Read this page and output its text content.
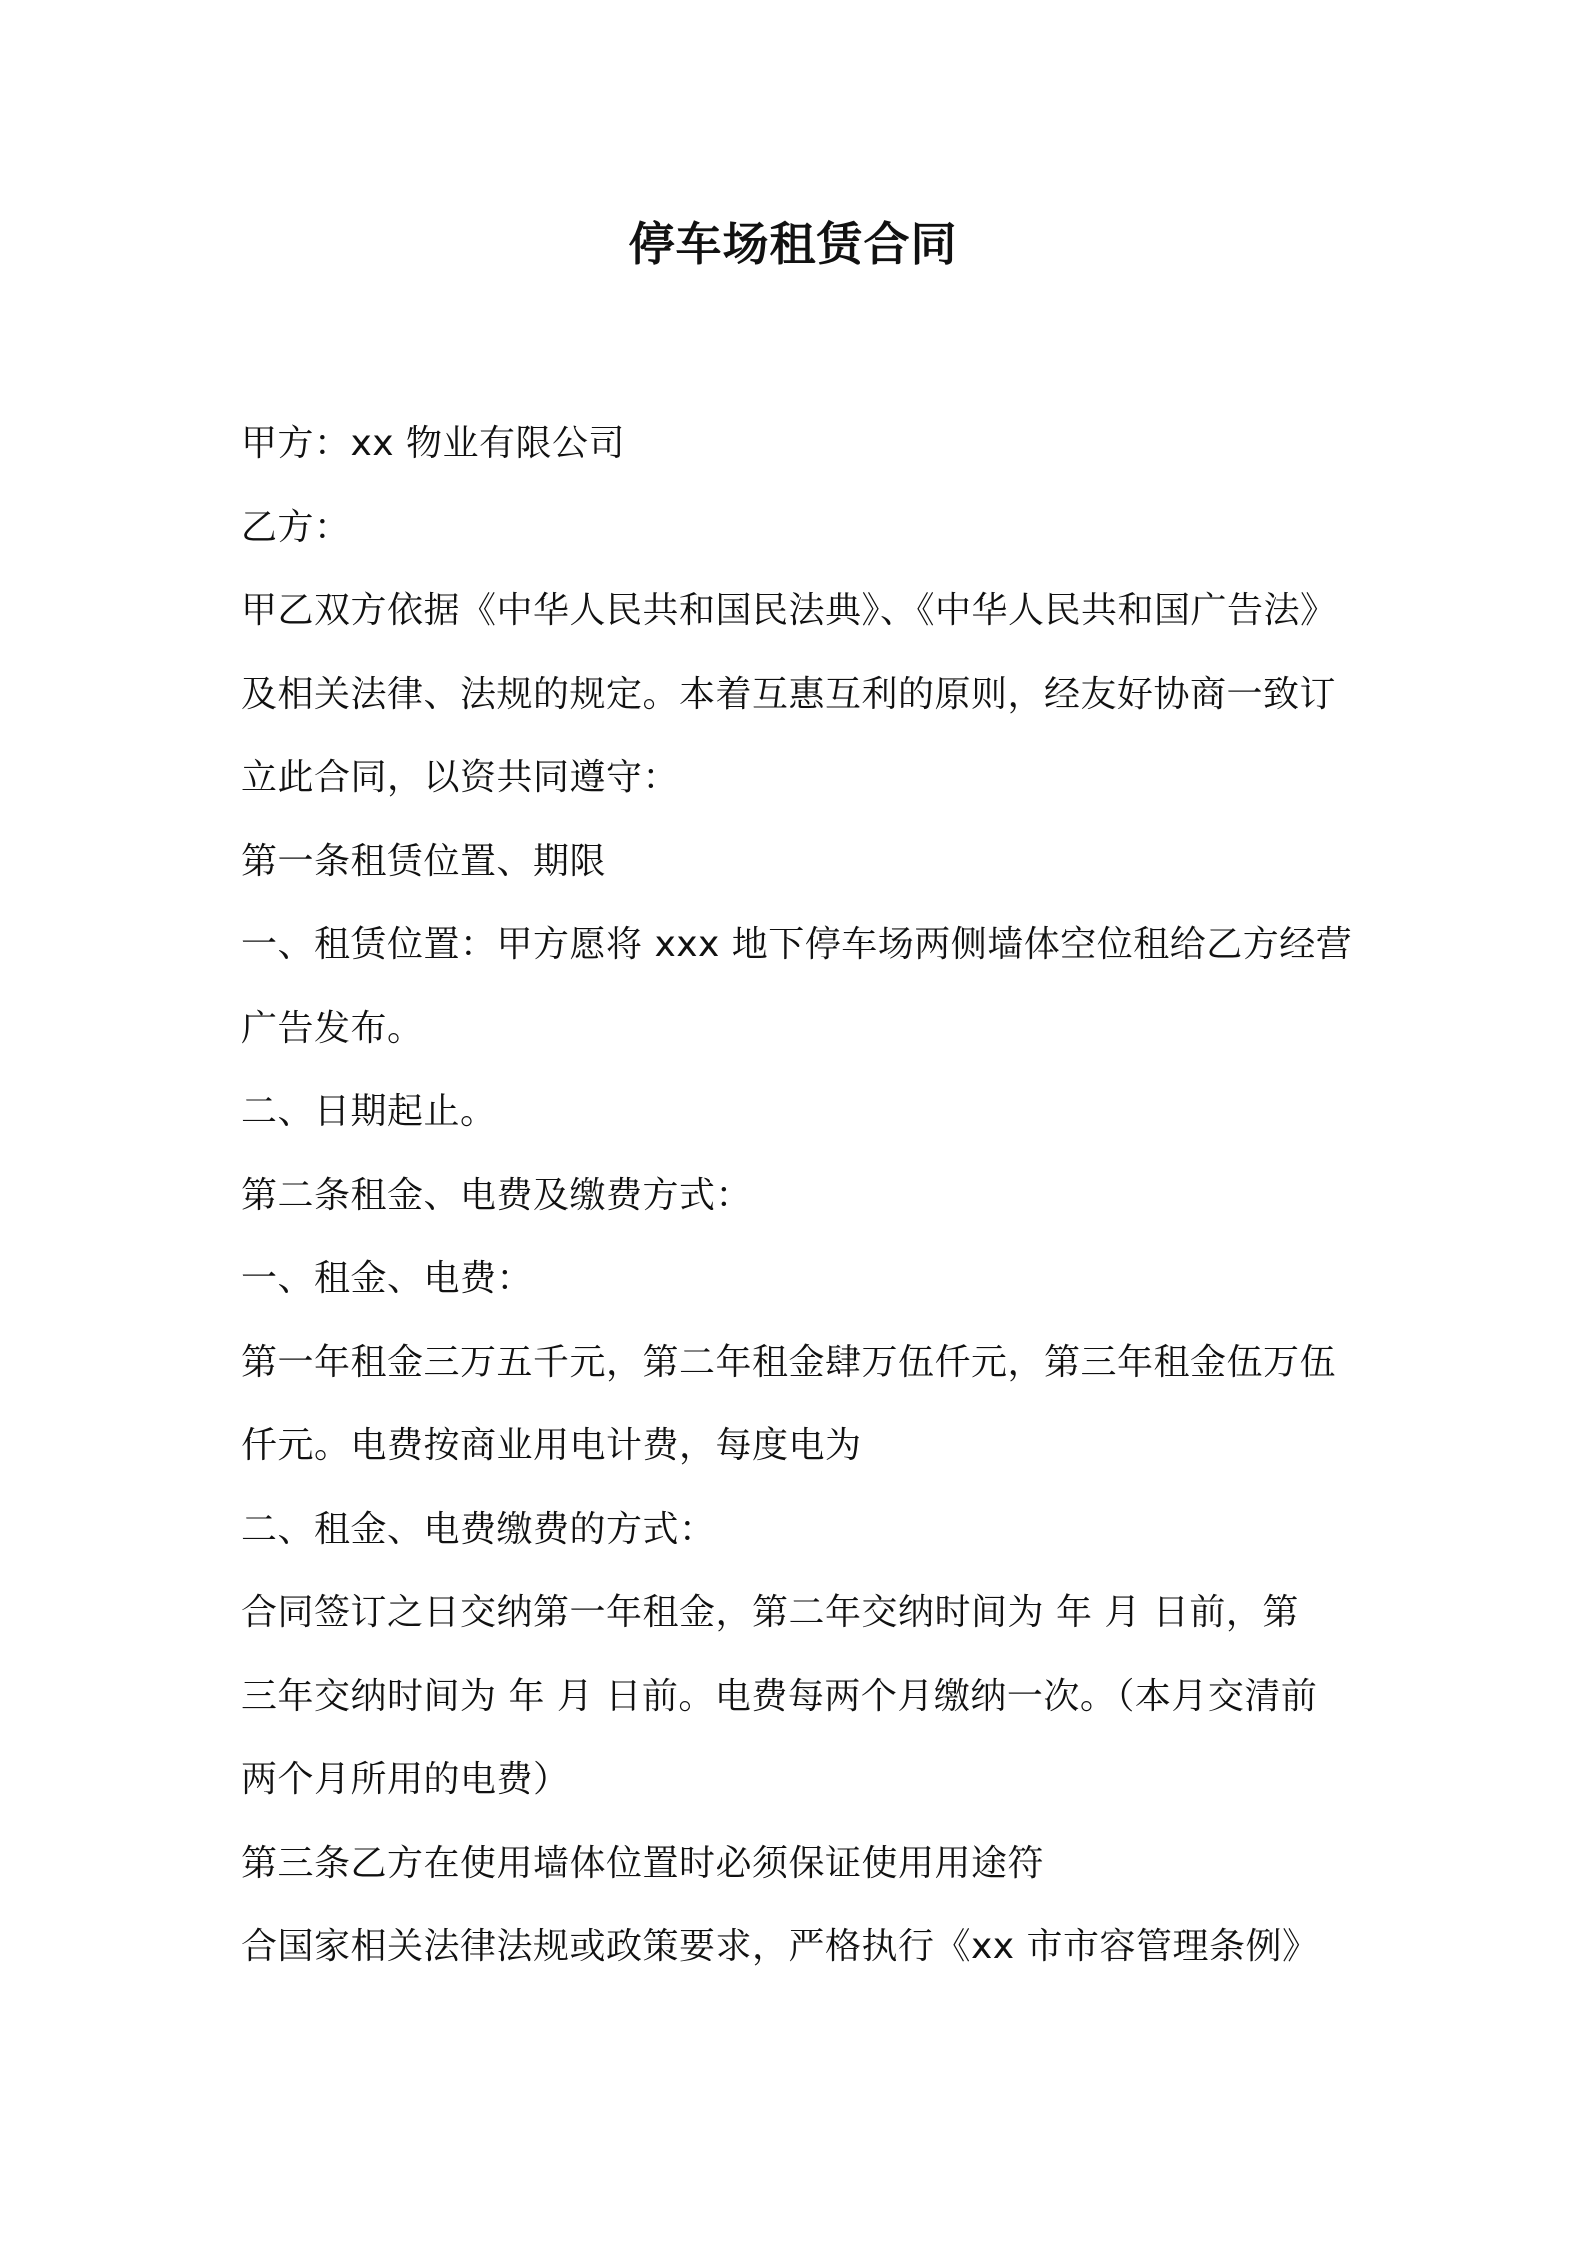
停车场租赁合同
甲方：xx 物业有限公司
乙方：
甲乙双方依据《中华人民共和国民法典》、《中华人民共和国广告法》
及相关法律、法规的规定。本着互惠互利的原则，经友好协商一致订
立此合同，以资共同遵守：
第一条租赁位置、期限
一、租赁位置：甲方愿将 xxx 地下停车场两侧墙体空位租给乙方经营
广告发布。
二、日期起止。
第二条租金、电费及缴费方式：
一、租金、电费：
第一年租金三万五千元，第二年租金肆万伍仟元，第三年租金伍万伍
仟元。电费按商业用电计费，每度电为
二、租金、电费缴费的方式：
合同签订之日交纳第一年租金，第二年交纳时间为 年 月 日前，第
三年交纳时间为 年 月 日前。电费每两个月缴纳一次。（本月交清前
两个月所用的电费）
第三条乙方在使用墙体位置时必须保证使用用途符
合国家相关法律法规或政策要求，严格执行《xx 市市容管理条例》
